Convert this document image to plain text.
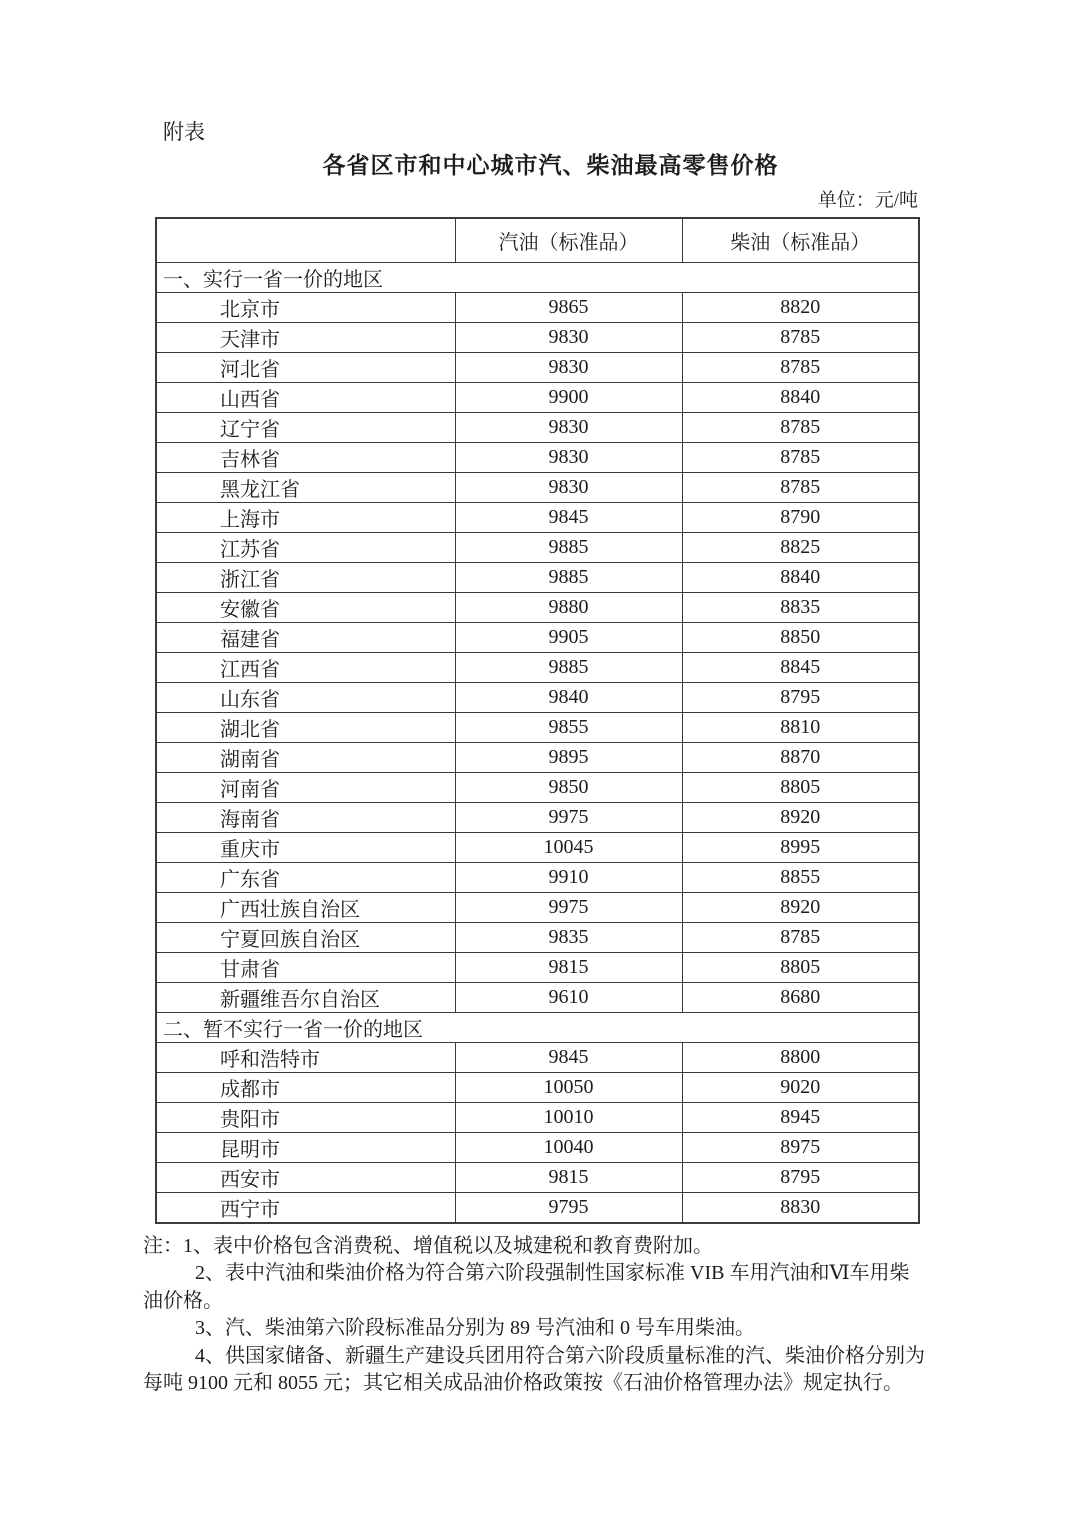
附表
各省区市和中心城市汽、柴油最高零售价格
单位：元/吨
	汽油（标准品）	柴油（标准品）
一、实行一省一价的地区		
北京市	9865	8820
天津市	9830	8785
河北省	9830	8785
山西省	9900	8840
辽宁省	9830	8785
吉林省	9830	8785
黑龙江省	9830	8785
上海市	9845	8790
江苏省	9885	8825
浙江省	9885	8840
安徽省	9880	8835
福建省	9905	8850
江西省	9885	8845
山东省	9840	8795
湖北省	9855	8810
湖南省	9895	8870
河南省	9850	8805
海南省	9975	8920
重庆市	10045	8995
广东省	9910	8855
广西壮族自治区	9975	8920
宁夏回族自治区	9835	8785
甘肃省	9815	8805
新疆维吾尔自治区	9610	8680
二、暂不实行一省一价的地区		
呼和浩特市	9845	8800
成都市	10050	9020
贵阳市	10010	8945
昆明市	10040	8975
西安市	9815	8795
西宁市	9795	8830

注：1、表中价格包含消费税、增值税以及城建税和教育费附加。

2、表中汽油和柴油价格为符合第六阶段强制性国家标准 VIB 车用汽油和Ⅵ车用柴油价格。

3、汽、柴油第六阶段标准品分别为 89 号汽油和 0 号车用柴油。

4、供国家储备、新疆生产建设兵团用符合第六阶段质量标准的汽、柴油价格分别为每吨 9100 元和 8055 元；其它相关成品油价格政策按《石油价格管理办法》规定执行。
